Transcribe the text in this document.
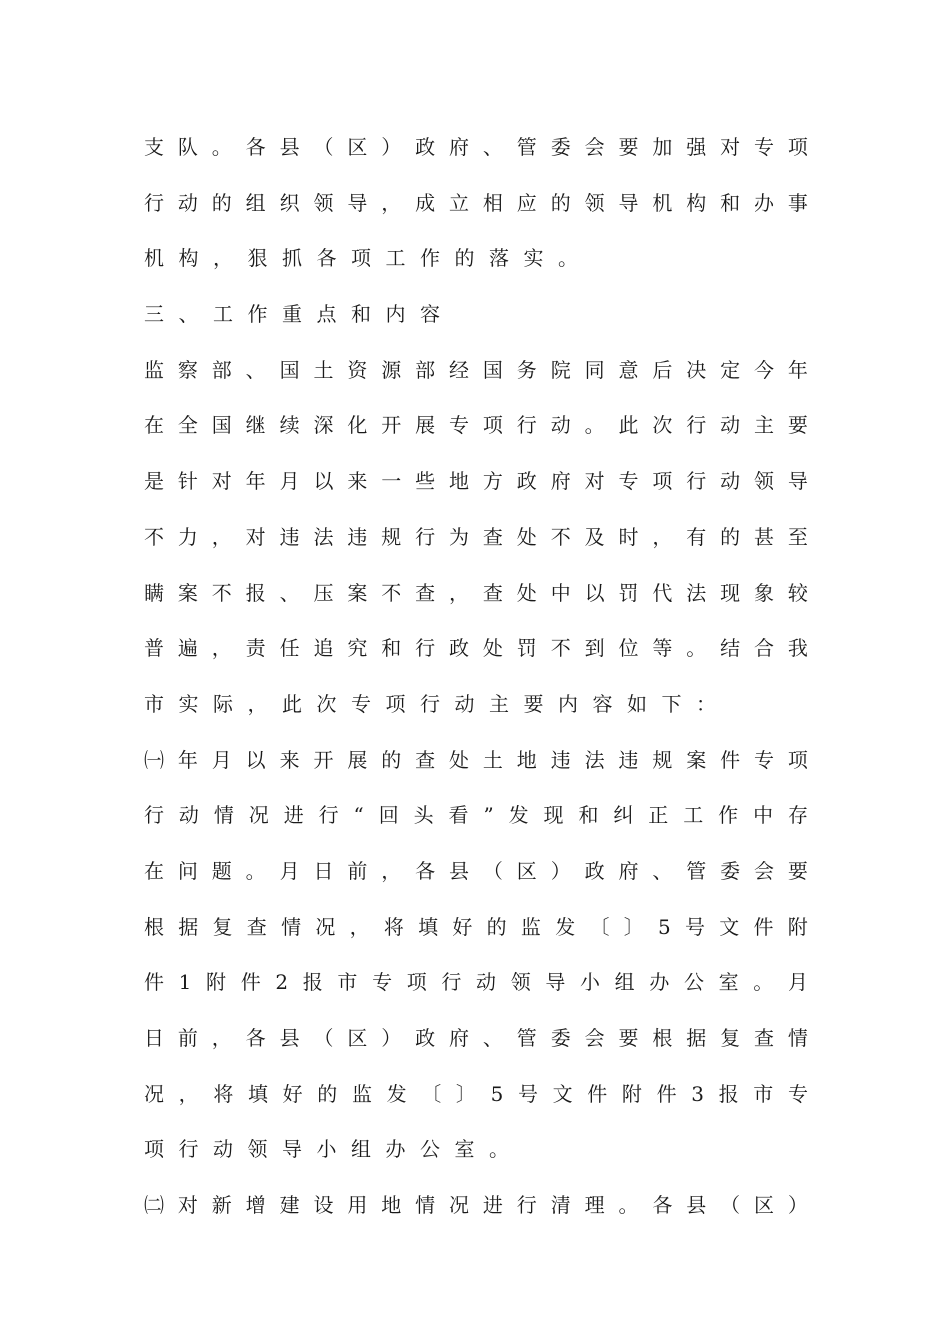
支 队 。 各 县 （ 区 ） 政 府 、 管 委 会 要 加 强 对 专 项
行 动 的 组 织 领 导 ， 成 立 相 应 的 领 导 机 构 和 办 事
机 构 ， 狠 抓 各 项 工 作 的 落 实 。
三 、 工 作 重 点 和 内 容
监 察 部 、 国 土 资 源 部 经 国 务 院 同 意 后 决 定 今 年
在 全 国 继 续 深 化 开 展 专 项 行 动 。 此 次 行 动 主 要
是 针 对 年 月 以 来 一 些 地 方 政 府 对 专 项 行 动 领 导
不 力 ， 对 违 法 违 规 行 为 查 处 不 及 时 ， 有 的 甚 至
瞒 案 不 报 、 压 案 不 查 ， 查 处 中 以 罚 代 法 现 象 较
普 遍 ， 责 任 追 究 和 行 政 处 罚 不 到 位 等 。 结 合 我
市 实 际 ， 此 次 专 项 行 动 主 要 内 容 如 下 ：
㈠ 年 月 以 来 开 展 的 查 处 土 地 违 法 违 规 案 件 专 项
行 动 情 况 进 行 “ 回 头 看 ” 发 现 和 纠 正 工 作 中 存
在 问 题 。 月 日 前 ， 各 县 （ 区 ） 政 府 、 管 委 会 要
根 据 复 查 情 况 ， 将 填 好 的 监 发 〔 〕 5 号 文 件 附
件 1 附 件 2 报 市 专 项 行 动 领 导 小 组 办 公 室 。 月
日 前 ， 各 县 （ 区 ） 政 府 、 管 委 会 要 根 据 复 查 情
况 ， 将 填 好 的 监 发 〔 〕 5 号 文 件 附 件 3 报 市 专
项 行 动 领 导 小 组 办 公 室 。
㈡ 对 新 增 建 设 用 地 情 况 进 行 清 理 。 各 县 （ 区 ）
